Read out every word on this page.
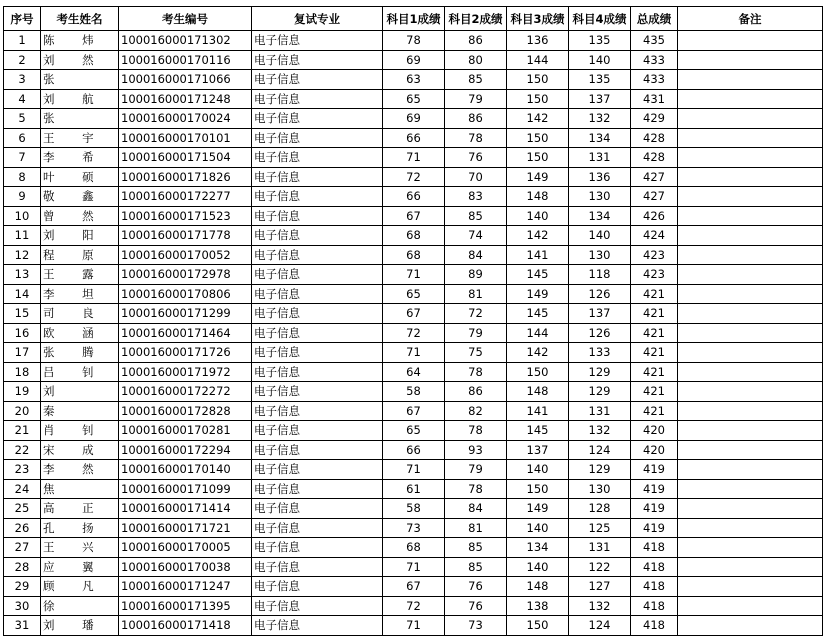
序号	考生姓名	考生编号	复试专业	科目1成绩	科目2成绩	科目3成绩	科目4成绩	总成绩	备注
1	陈 炜	100016000171302	电子信息	78	86	136	135	435	
2	刘 然	100016000170116	电子信息	69	80	144	140	433	
3	张	100016000171066	电子信息	63	85	150	135	433	
4	刘 航	100016000171248	电子信息	65	79	150	137	431	
5	张	100016000170024	电子信息	69	86	142	132	429	
6	王 宇	100016000170101	电子信息	66	78	150	134	428	
7	李 希	100016000171504	电子信息	71	76	150	131	428	
8	叶 硕	100016000171826	电子信息	72	70	149	136	427	
9	敬 鑫	100016000172277	电子信息	66	83	148	130	427	
10	曾 然	100016000171523	电子信息	67	85	140	134	426	
11	刘 阳	100016000171778	电子信息	68	74	142	140	424	
12	程 原	100016000170052	电子信息	68	84	141	130	423	
13	王 露	100016000172978	电子信息	71	89	145	118	423	
14	李 坦	100016000170806	电子信息	65	81	149	126	421	
15	司 良	100016000171299	电子信息	67	72	145	137	421	
16	欧 涵	100016000171464	电子信息	72	79	144	126	421	
17	张 腾	100016000171726	电子信息	71	75	142	133	421	
18	吕 钊	100016000171972	电子信息	64	78	150	129	421	
19	刘	100016000172272	电子信息	58	86	148	129	421	
20	秦	100016000172828	电子信息	67	82	141	131	421	
21	肖 钊	100016000170281	电子信息	65	78	145	132	420	
22	宋 成	100016000172294	电子信息	66	93	137	124	420	
23	李 然	100016000170140	电子信息	71	79	140	129	419	
24	焦	100016000171099	电子信息	61	78	150	130	419	
25	高 正	100016000171414	电子信息	58	84	149	128	419	
26	孔 扬	100016000171721	电子信息	73	81	140	125	419	
27	王 兴	100016000170005	电子信息	68	85	134	131	418	
28	应 翼	100016000170038	电子信息	71	85	140	122	418	
29	顾 凡	100016000171247	电子信息	67	76	148	127	418	
30	徐	100016000171395	电子信息	72	76	138	132	418	
31	刘 璠	100016000171418	电子信息	71	73	150	124	418	
